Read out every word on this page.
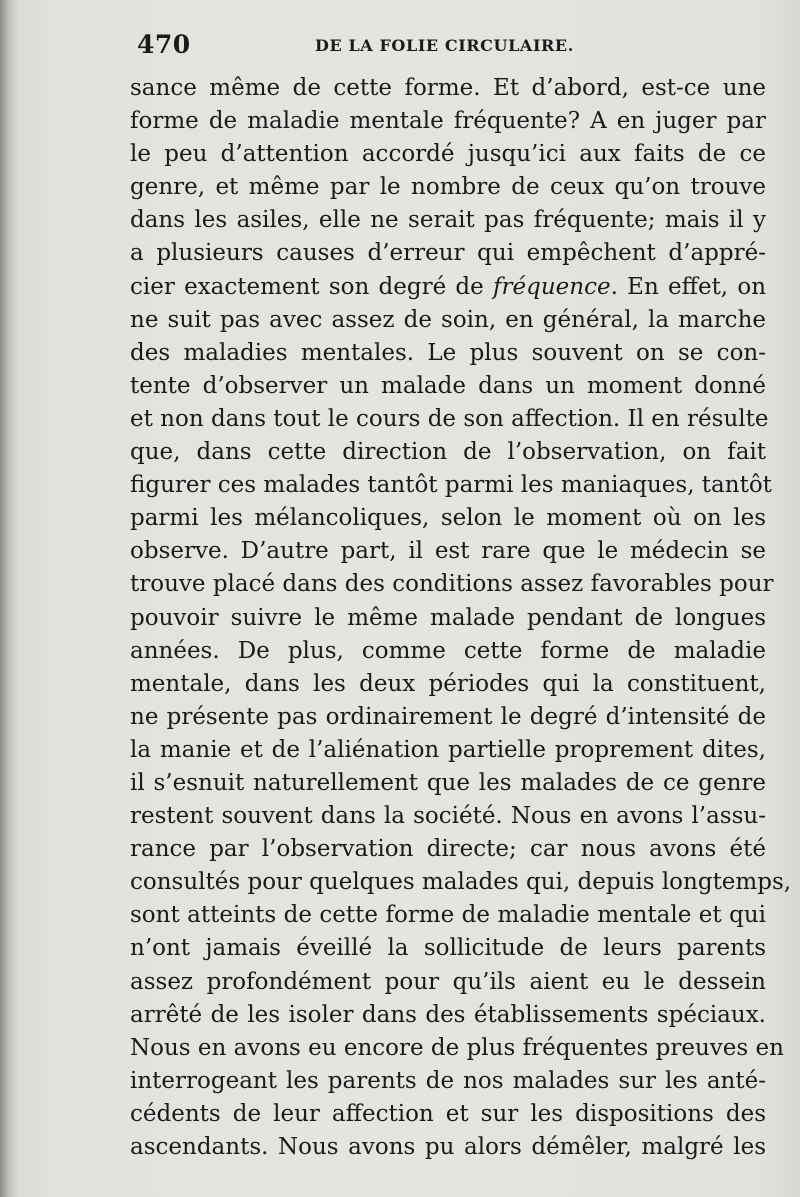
470	DE LA FOLIE CIRCULAIRE.
sance même de cette forme. Et d’abord, est-ce une
forme de maladie mentale fréquente? A en juger par
le peu d’attention accordé jusqu’ici aux faits de ce
genre, et même par le nombre de ceux qu’on trouve
dans les asiles, elle ne serait pas fréquente; mais il y
a plusieurs causes d’erreur qui empêchent d’appré-
cier exactement son degré de fréquence. En effet, on
ne suit pas avec assez de soin, en général, la marche
des maladies mentales. Le plus souvent on se con-
tente d’observer un malade dans un moment donné
et non dans tout le cours de son affection. Il en résulte
que, dans cette direction de l’observation, on fait
figurer ces malades tantôt parmi les maniaques, tantôt
parmi les mélancoliques, selon le moment où on les
observe. D’autre part, il est rare que le médecin se
trouve placé dans des conditions assez favorables pour
pouvoir suivre le même malade pendant de longues
années. De plus, comme cette forme de maladie
mentale, dans les deux périodes qui la constituent,
ne présente pas ordinairement le degré d’intensité de
la manie et de l’aliénation partielle proprement dites,
il s’esnuit naturellement que les malades de ce genre
restent souvent dans la société. Nous en avons l’assu-
rance par l’observation directe; car nous avons été
consultés pour quelques malades qui, depuis longtemps,
sont atteints de cette forme de maladie mentale et qui
n’ont jamais éveillé la sollicitude de leurs parents
assez profondément pour qu’ils aient eu le dessein
arrêté de les isoler dans des établissements spéciaux.
Nous en avons eu encore de plus fréquentes preuves en
interrogeant les parents de nos malades sur les anté-
cédents de leur affection et sur les dispositions des
ascendants. Nous avons pu alors démêler, malgré les
